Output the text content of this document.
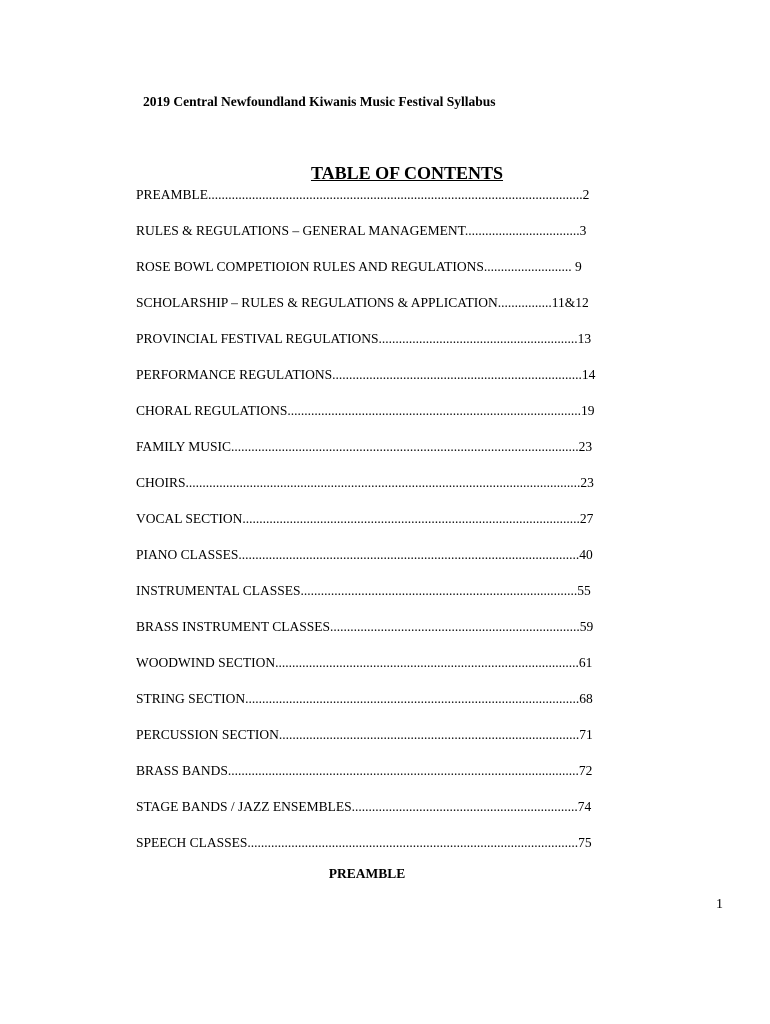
2019 Central Newfoundland Kiwanis Music Festival Syllabus
TABLE OF CONTENTS
PREAMBLE...............................................................................................................2
RULES & REGULATIONS – GENERAL MANAGEMENT..................................3
ROSE BOWL COMPETIOION RULES AND REGULATIONS.......................... 9
SCHOLARSHIP – RULES & REGULATIONS & APPLICATION................11&12
PROVINCIAL FESTIVAL REGULATIONS...........................................................13
PERFORMANCE REGULATIONS..........................................................................14
CHORAL REGULATIONS.......................................................................................19
FAMILY MUSIC.......................................................................................................23
CHOIRS.....................................................................................................................23
VOCAL SECTION....................................................................................................27
PIANO CLASSES.....................................................................................................40
INSTRUMENTAL CLASSES..................................................................................55
BRASS INSTRUMENT CLASSES..........................................................................59
WOODWIND SECTION..........................................................................................61
STRING SECTION...................................................................................................68
PERCUSSION SECTION.........................................................................................71
BRASS BANDS........................................................................................................72
STAGE BANDS / JAZZ ENSEMBLES...................................................................74
SPEECH CLASSES..................................................................................................75
PREAMBLE
1
